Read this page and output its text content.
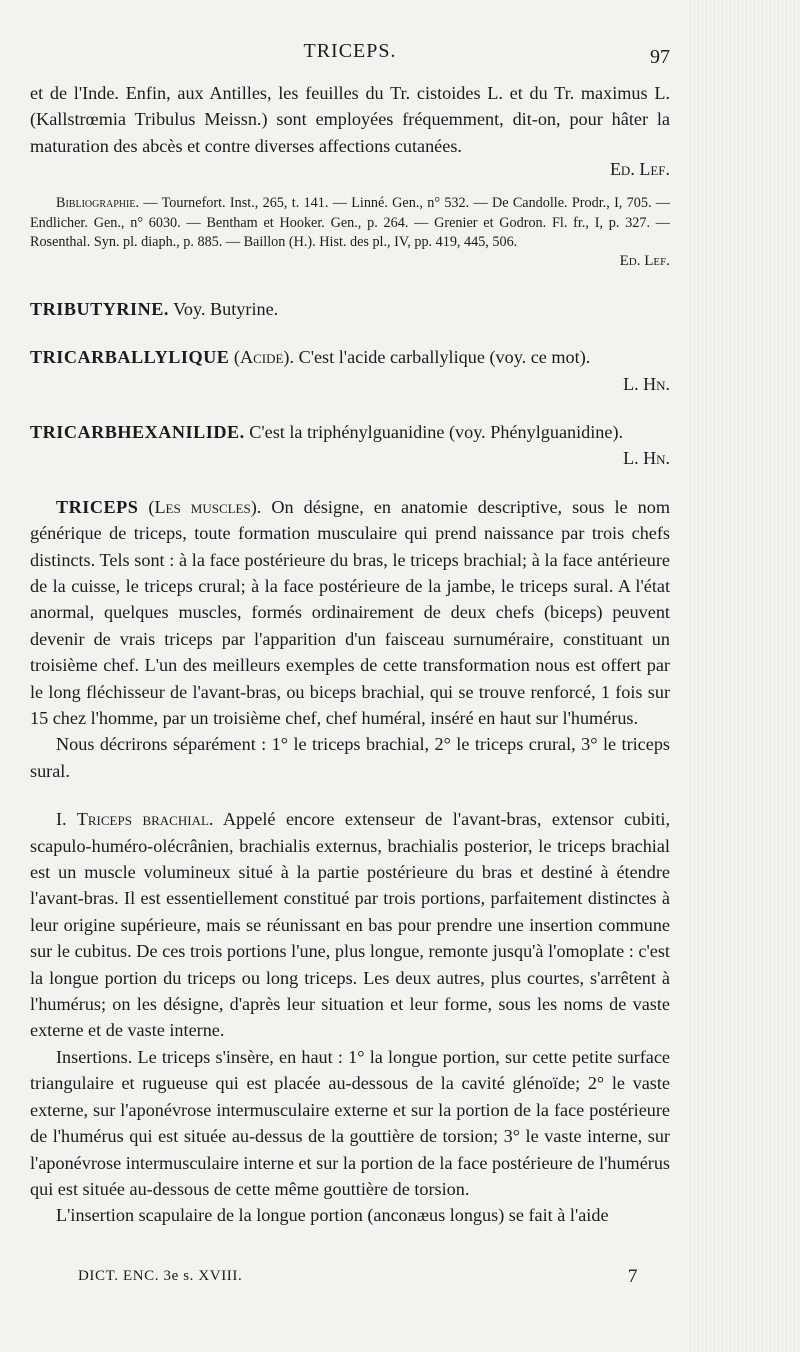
TRICEPS.	97

et de l'Inde. Enfin, aux Antilles, les feuilles du Tr. cistoides L. et du Tr. maximus L. (Kallstrœmia Tribulus Meissn.) sont employées fréquemment, dit-on, pour hâter la maturation des abcès et contre diverses affections cutanées.

Ed. Lef.

Bibliographie. — Tournefort. Inst., 265, t. 141. — Linné. Gen., n° 532. — De Candolle. Prodr., I, 705. — Endlicher. Gen., n° 6030. — Bentham et Hooker. Gen., p. 264. — Grenier et Godron. Fl. fr., I, p. 327. — Rosenthal. Syn. pl. diaph., p. 885. — Baillon (H.). Hist. des pl., IV, pp. 419, 445, 506.

Ed. Lef.

TRIBUTYRINE. Voy. Butyrine.
TRICARBALLYLIQUE (Acide). C'est l'acide carballylique (voy. ce mot).

L. Hn.

TRICARBHEXANILIDE. C'est la triphénylguanidine (voy. Phénylguanidine).

L. Hn.

TRICEPS (Les muscles). On désigne, en anatomie descriptive, sous le nom générique de triceps, toute formation musculaire qui prend naissance par trois chefs distincts. Tels sont : à la face postérieure du bras, le triceps brachial; à la face antérieure de la cuisse, le triceps crural; à la face postérieure de la jambe, le triceps sural. A l'état anormal, quelques muscles, formés ordinairement de deux chefs (biceps) peuvent devenir de vrais triceps par l'apparition d'un faisceau surnuméraire, constituant un troisième chef. L'un des meilleurs exemples de cette transformation nous est offert par le long fléchisseur de l'avant-bras, ou biceps brachial, qui se trouve renforcé, 1 fois sur 15 chez l'homme, par un troisième chef, chef huméral, inséré en haut sur l'humérus.

Nous décrirons séparément : 1° le triceps brachial, 2° le triceps crural, 3° le triceps sural.

I. Triceps brachial. Appelé encore extenseur de l'avant-bras, extensor cubiti, scapulo-huméro-olécrânien, brachialis externus, brachialis posterior, le triceps brachial est un muscle volumineux situé à la partie postérieure du bras et destiné à étendre l'avant-bras. Il est essentiellement constitué par trois portions, parfaitement distinctes à leur origine supérieure, mais se réunissant en bas pour prendre une insertion commune sur le cubitus. De ces trois portions l'une, plus longue, remonte jusqu'à l'omoplate : c'est la longue portion du triceps ou long triceps. Les deux autres, plus courtes, s'arrêtent à l'humérus; on les désigne, d'après leur situation et leur forme, sous les noms de vaste externe et de vaste interne.

Insertions. Le triceps s'insère, en haut : 1° la longue portion, sur cette petite surface triangulaire et rugueuse qui est placée au-dessous de la cavité glénoïde; 2° le vaste externe, sur l'aponévrose intermusculaire externe et sur la portion de la face postérieure de l'humérus qui est située au-dessus de la gouttière de torsion; 3° le vaste interne, sur l'aponévrose intermusculaire interne et sur la portion de la face postérieure de l'humérus qui est située au-dessous de cette même gouttière de torsion.

L'insertion scapulaire de la longue portion (anconæus longus) se fait à l'aide

DICT. ENC. 3e s. XVIII.	7
